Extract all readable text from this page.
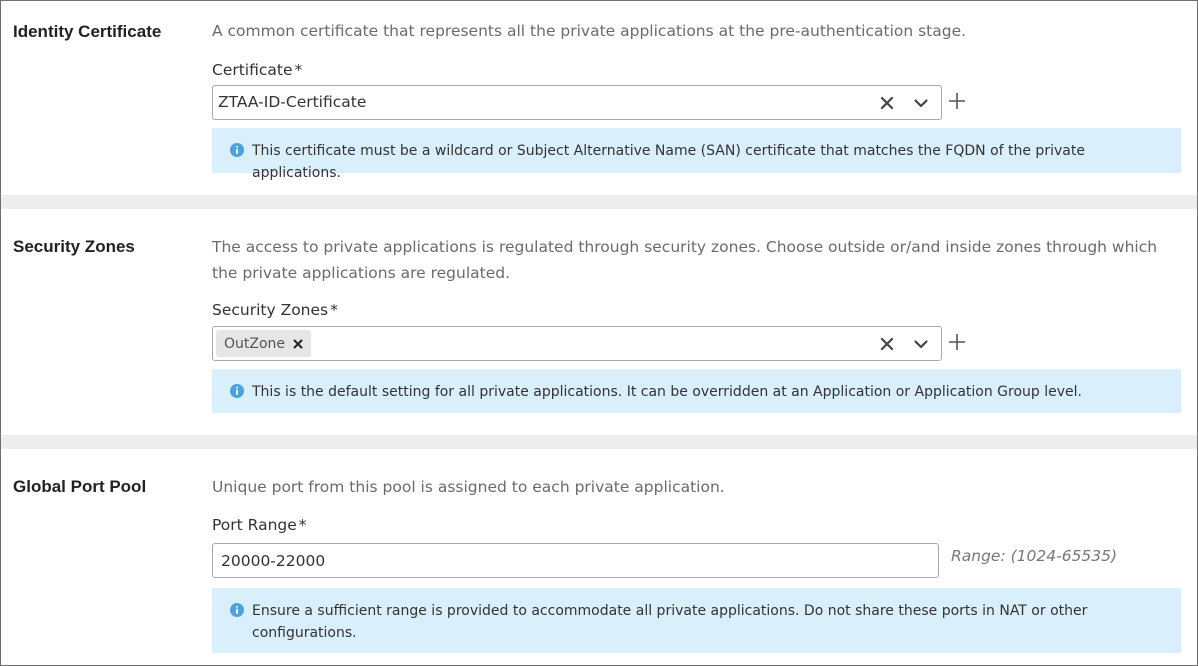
Identity Certificate	A common certificate that represents all the private applications at the pre-authentication stage.
Certificate *
ZTAA-ID-Certificate
This certificate must be a wildcard or Subject Alternative Name (SAN) certificate that matches the FQDN of the private applications.
Security Zones	The access to private applications is regulated through security zones. Choose outside or/and inside zones through which the private applications are regulated.
Security Zones *
OutZone
This is the default setting for all private applications. It can be overridden at an Application or Application Group level.
Global Port Pool	Unique port from this pool is assigned to each private application.
Port Range *
20000-22000
Range: (1024-65535)
Ensure a sufficient range is provided to accommodate all private applications. Do not share these ports in NAT or other configurations.
